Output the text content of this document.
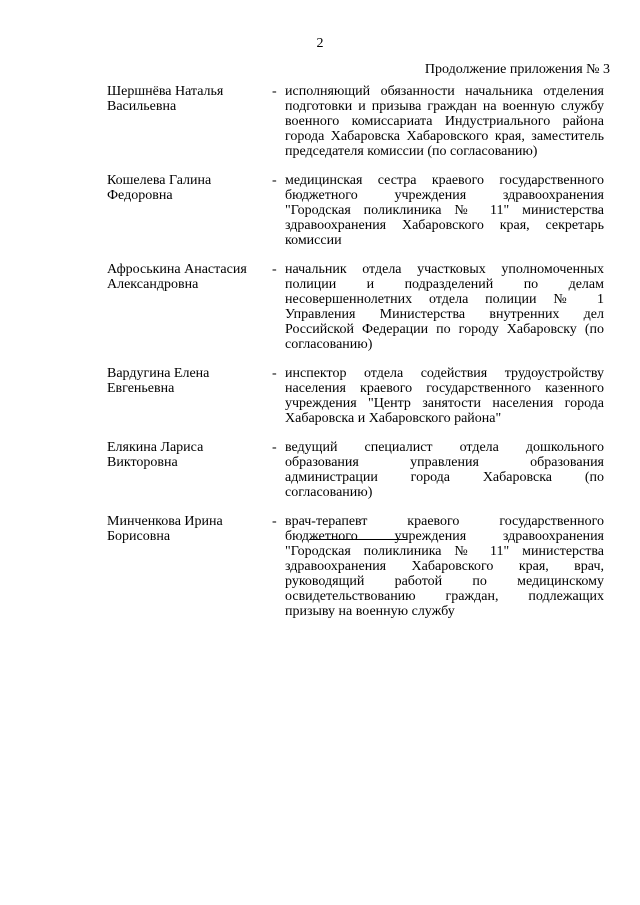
2
Продолжение приложения № 3
Шершнёва Наталья Васильевна
- исполняющий обязанности начальника отделения подготовки и призыва граждан на военную службу военного комиссариата Индустриального района города Хабаровска Хабаровского края, заместитель председателя комиссии (по согласованию)
Кошелева Галина Федоровна
- медицинская сестра краевого государственного бюджетного учреждения здравоохранения "Городская поликлиника № 11" министерства здравоохранения Хабаровского края, секретарь комиссии
Афроськина Анастасия Александровна
- начальник отдела участковых уполномоченных полиции и подразделений по делам несовершеннолетних отдела полиции № 1 Управления Министерства внутренних дел Российской Федерации по городу Хабаровску (по согласованию)
Вардугина Елена Евгеньевна
- инспектор отдела содействия трудоустройству населения краевого государственного казенного учреждения "Центр занятости населения города Хабаровска и Хабаровского района"
Елякина Лариса Викторовна
- ведущий специалист отдела дошкольного образования управления образования администрации города Хабаровска (по согласованию)
Минченкова Ирина Борисовна
- врач-терапевт краевого государственного бюджетного учреждения здравоохранения "Городская поликлиника № 11" министерства здравоохранения Хабаровского края, врач, руководящий работой по медицинскому освидетельствованию граждан, подлежащих призыву на военную службу
